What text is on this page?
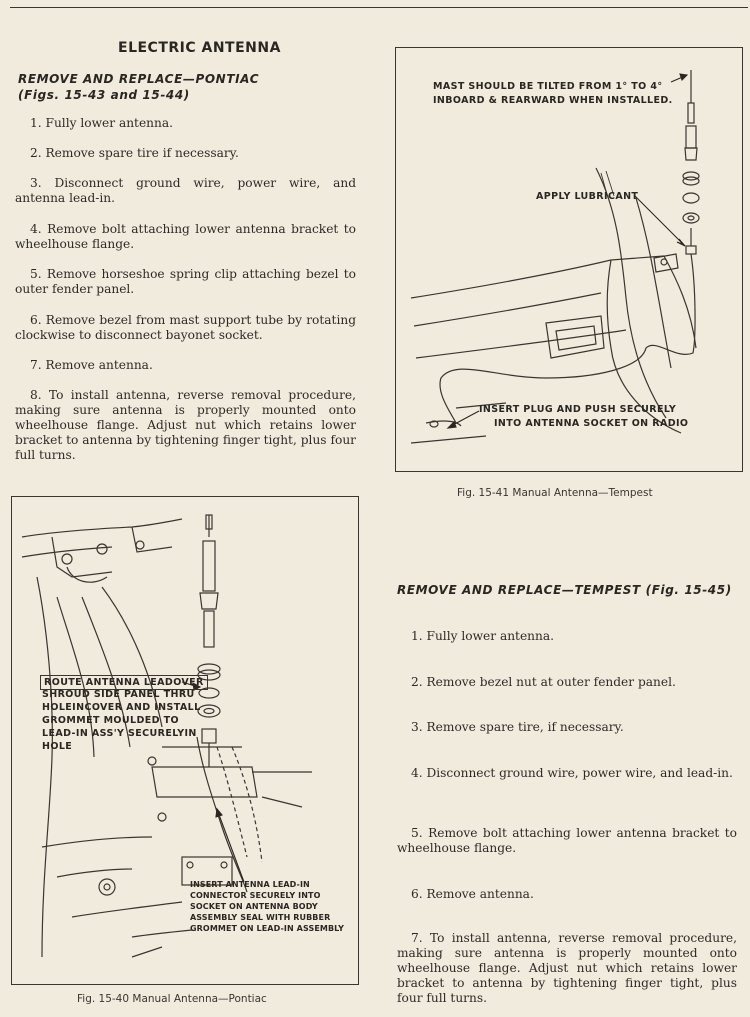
ELECTRIC ANTENNA
REMOVE AND REPLACE—PONTIAC
(Figs. 15-43 and 15-44)
1. Fully lower antenna.
2. Remove spare tire if necessary.
3. Disconnect ground wire, power wire, and antenna lead-in.
4. Remove bolt attaching lower antenna bracket to wheelhouse flange.
5. Remove horseshoe spring clip attaching bezel to outer fender panel.
6. Remove bezel from mast support tube by rotating clockwise to disconnect bayonet socket.
7. Remove antenna.
8. To install antenna, reverse removal procedure, making sure antenna is properly mounted onto wheelhouse flange. Adjust nut which retains lower bracket to antenna by tightening finger tight, plus four full turns.
MAST SHOULD BE TILTED FROM 1° TO 4°
INBOARD & REARWARD WHEN INSTALLED.
APPLY LUBRICANT
INSERT PLUG AND PUSH SECURELY
INTO ANTENNA SOCKET ON RADIO
Fig. 15-41 Manual Antenna—Tempest
ROUTE ANTENNA LEADOVER
SHROUD SIDE PANEL THRU
HOLEINCOVER AND INSTALL
GROMMET MOULDED TO
LEAD-IN ASS'Y SECURELYIN
HOLE
INSERT ANTENNA LEAD-IN
CONNECTOR SECURELY INTO
SOCKET ON ANTENNA BODY
ASSEMBLY SEAL WITH RUBBER
GROMMET ON LEAD-IN ASSEMBLY
Fig. 15-40 Manual Antenna—Pontiac
REMOVE AND REPLACE—TEMPEST (Fig. 15-45)
1. Fully lower antenna.
2. Remove bezel nut at outer fender panel.
3. Remove spare tire, if necessary.
4. Disconnect ground wire, power wire, and lead-in.
5. Remove bolt attaching lower antenna bracket to wheelhouse flange.
6. Remove antenna.
7. To install antenna, reverse removal procedure, making sure antenna is properly mounted onto wheelhouse flange. Adjust nut which retains lower bracket to antenna by tightening finger tight, plus four full turns.
